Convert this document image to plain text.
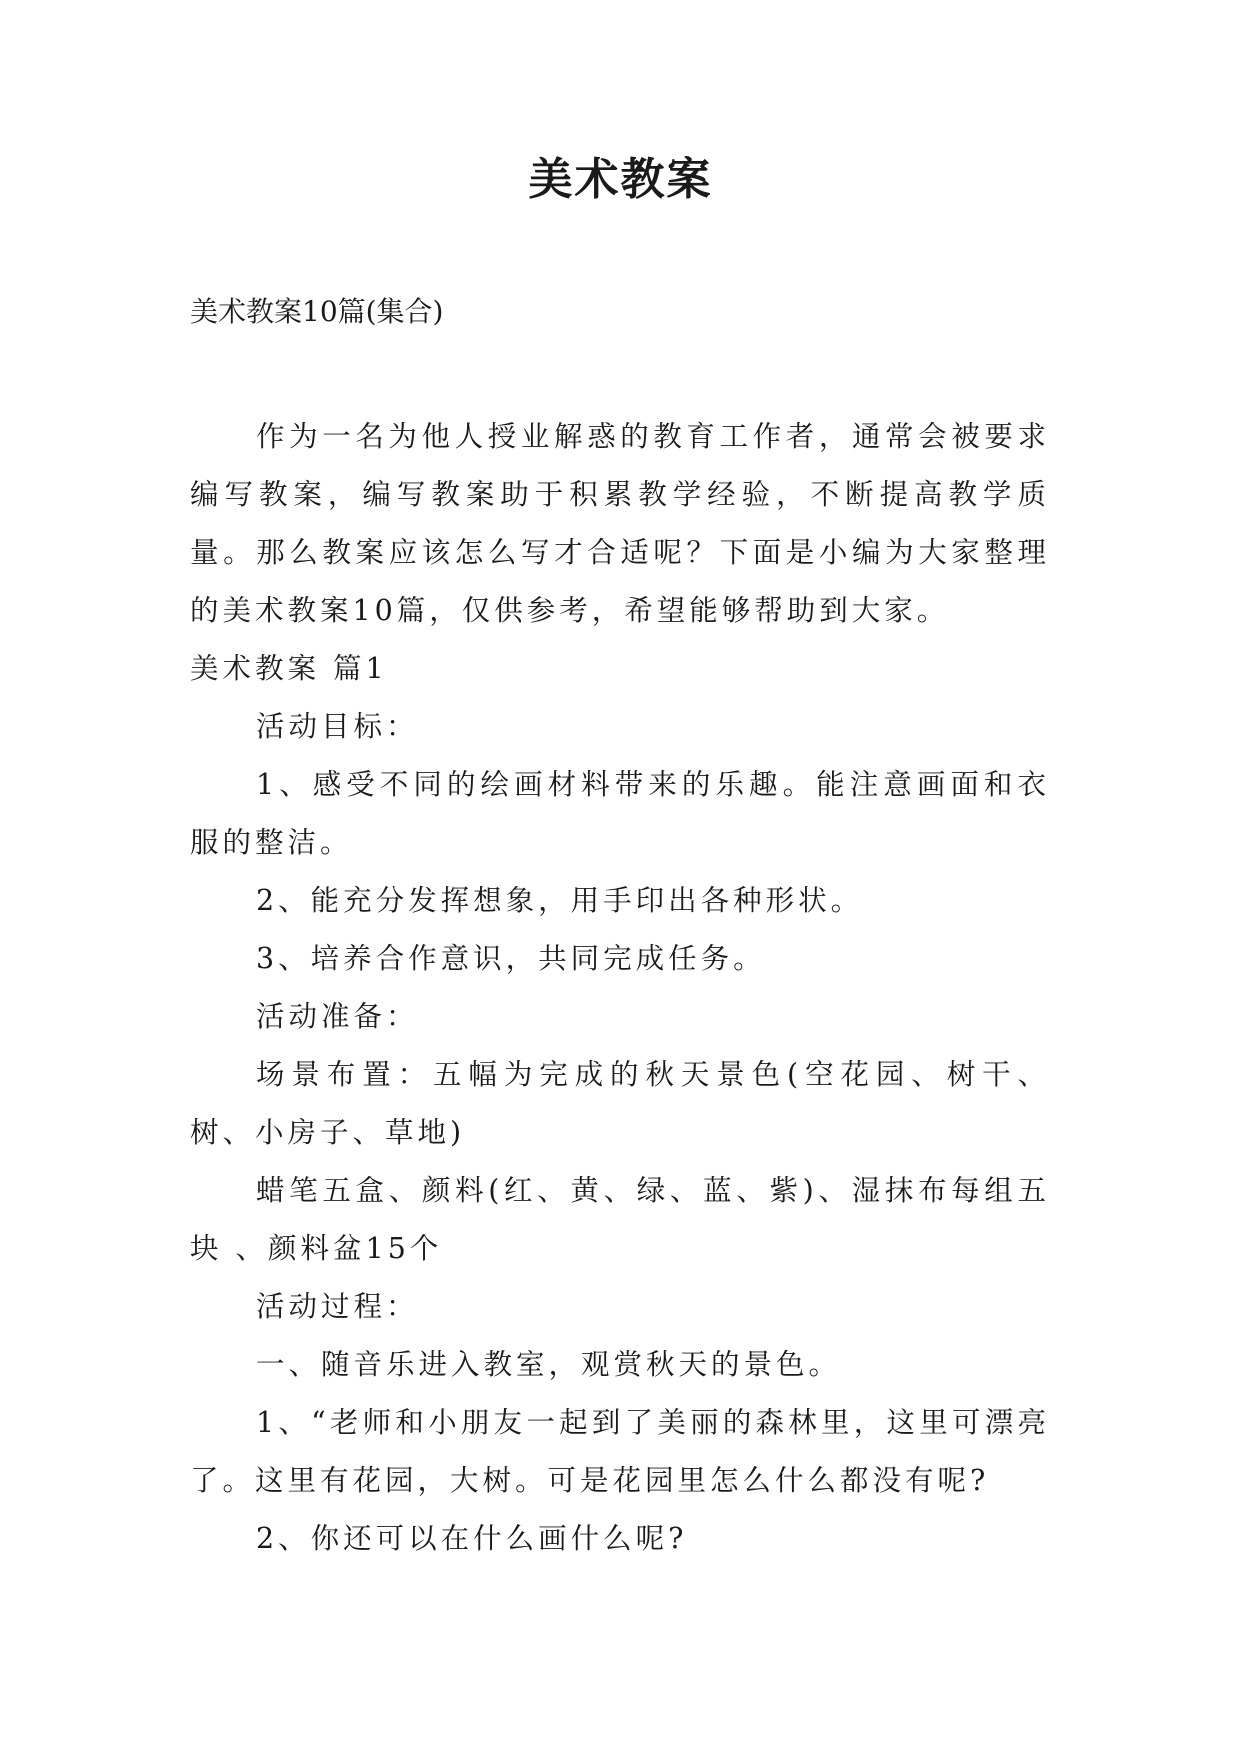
美术教案
美术教案10篇(集合)

作为一名为他人授业解惑的教育工作者，通常会被要求编写教案，编写教案助于积累教学经验，不断提高教学质量。那么教案应该怎么写才合适呢？下面是小编为大家整理的美术教案10篇，仅供参考，希望能够帮助到大家。

美术教案 篇1

活动目标：

1、感受不同的绘画材料带来的乐趣。能注意画面和衣服的整洁。

2、能充分发挥想象，用手印出各种形状。

3、培养合作意识，共同完成任务。

活动准备：

场景布置：五幅为完成的秋天景色(空花园、树干、树、小房子、草地)

蜡笔五盒、颜料(红、黄、绿、蓝、紫)、湿抹布每组五块 、颜料盆15个

活动过程：

一、随音乐进入教室，观赏秋天的景色。

1、“老师和小朋友一起到了美丽的森林里，这里可漂亮了。这里有花园，大树。可是花园里怎么什么都没有呢?

2、你还可以在什么画什么呢?
